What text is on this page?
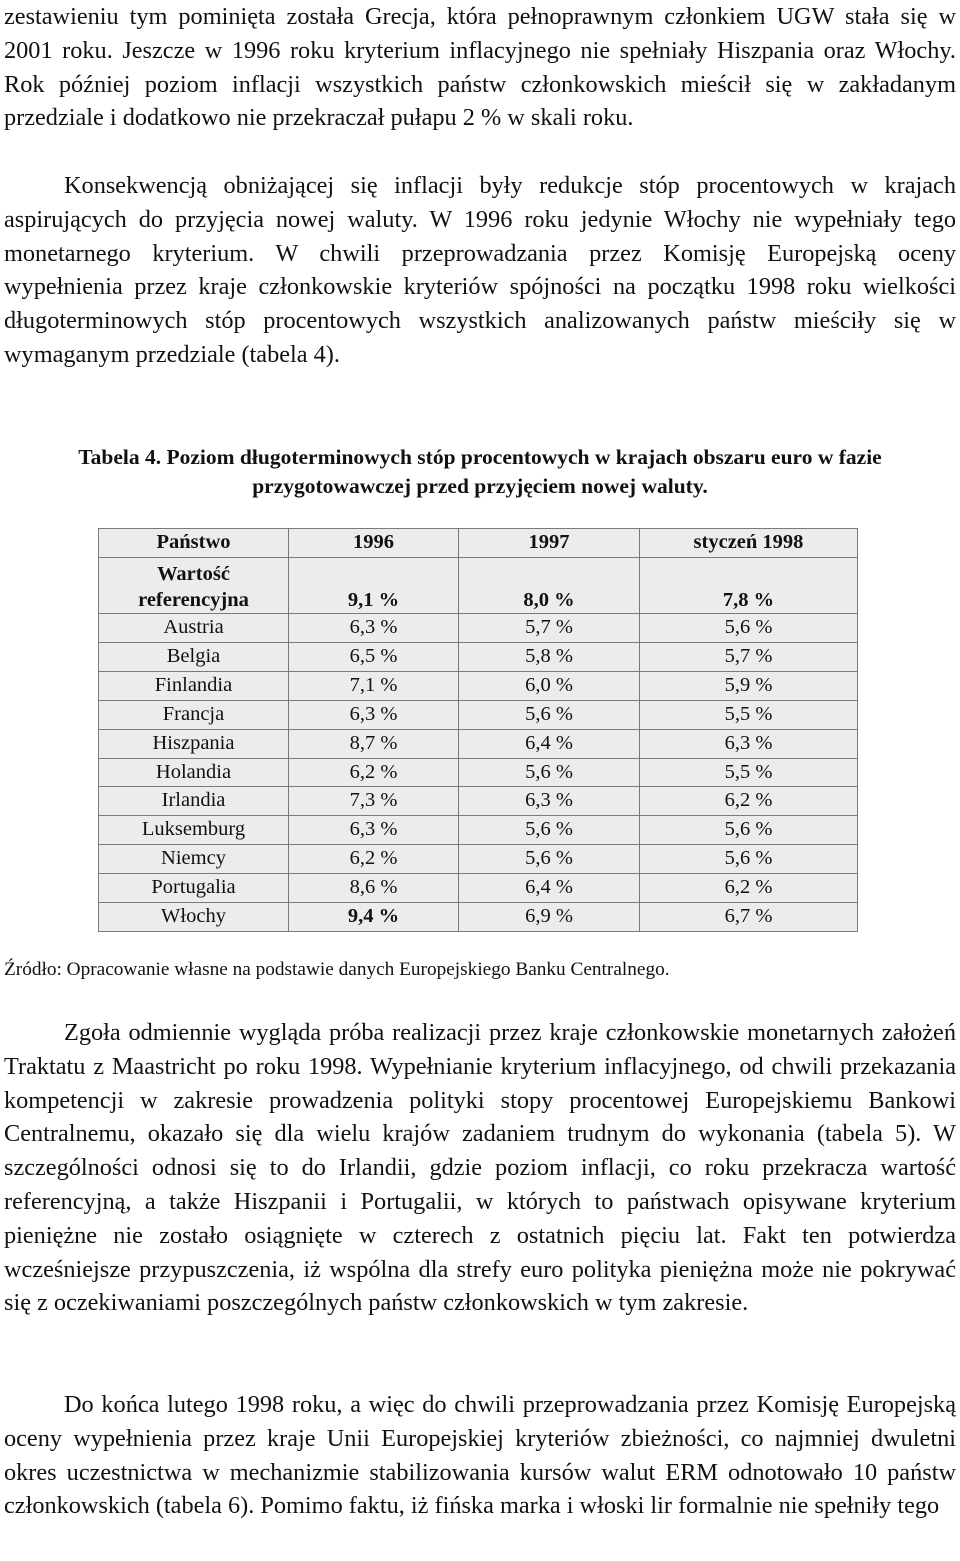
zestawieniu tym pominięta została Grecja, która pełnoprawnym członkiem UGW stała się w 2001 roku. Jeszcze w 1996 roku kryterium inflacyjnego nie spełniały Hiszpania oraz Włochy. Rok później poziom inflacji wszystkich państw członkowskich mieścił się w zakładanym przedziale i dodatkowo nie przekraczał pułapu 2 % w skali roku.

Konsekwencją obniżającej się inflacji były redukcje stóp procentowych w krajach aspirujących do przyjęcia nowej waluty. W 1996 roku jedynie Włochy nie wypełniały tego monetarnego kryterium. W chwili przeprowadzania przez Komisję Europejską oceny wypełnienia przez kraje członkowskie kryteriów spójności na początku 1998 roku wielkości długoterminowych stóp procentowych wszystkich analizowanych państw mieściły się w wymaganym przedziale (tabela 4).

Tabela 4. Poziom długoterminowych stóp procentowych w krajach obszaru euro w fazie przygotowawczej przed przyjęciem nowej waluty.

Państwo	1996	1997	styczeń 1998
Wartość
referencyjna	9,1 %	8,0 %	7,8 %
Austria	6,3 %	5,7 %	5,6 %
Belgia	6,5 %	5,8 %	5,7 %
Finlandia	7,1 %	6,0 %	5,9 %
Francja	6,3 %	5,6 %	5,5 %
Hiszpania	8,7 %	6,4 %	6,3 %
Holandia	6,2 %	5,6 %	5,5 %
Irlandia	7,3 %	6,3 %	6,2 %
Luksemburg	6,3 %	5,6 %	5,6 %
Niemcy	6,2 %	5,6 %	5,6 %
Portugalia	8,6 %	6,4 %	6,2 %
Włochy	9,4 %	6,9 %	6,7 %

Źródło: Opracowanie własne na podstawie danych Europejskiego Banku Centralnego.

Zgoła odmiennie wygląda próba realizacji przez kraje członkowskie monetarnych założeń Traktatu z Maastricht po roku 1998. Wypełnianie kryterium inflacyjnego, od chwili przekazania kompetencji w zakresie prowadzenia polityki stopy procentowej Europejskiemu Bankowi Centralnemu, okazało się dla wielu krajów zadaniem trudnym do wykonania (tabela 5). W szczególności odnosi się to do Irlandii, gdzie poziom inflacji, co roku przekracza wartość referencyjną, a także Hiszpanii i Portugalii, w których to państwach opisywane kryterium pieniężne nie zostało osiągnięte w czterech z ostatnich pięciu lat. Fakt ten potwierdza wcześniejsze przypuszczenia, iż wspólna dla strefy euro polityka pieniężna może nie pokrywać się z oczekiwaniami poszczególnych państw członkowskich w tym zakresie.

Do końca lutego 1998 roku, a więc do chwili przeprowadzania przez Komisję Europejską oceny wypełnienia przez kraje Unii Europejskiej kryteriów zbieżności, co najmniej dwuletni okres uczestnictwa w mechanizmie stabilizowania kursów walut ERM odnotowało 10 państw członkowskich (tabela 6). Pomimo faktu, iż fińska marka i włoski lir formalnie nie spełniły tego
